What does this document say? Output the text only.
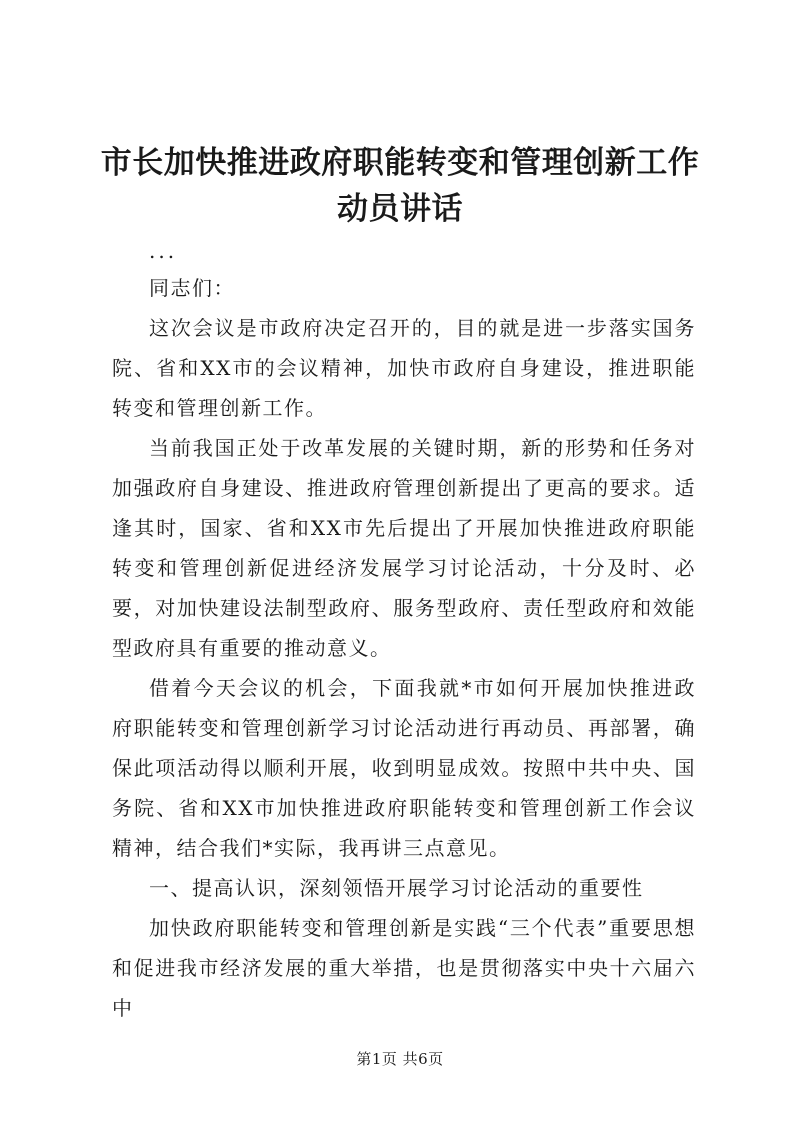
市长加快推进政府职能转变和管理创新工作动员讲话

...

同志们：

这次会议是市政府决定召开的，目的就是进一步落实国务院、省和XX市的会议精神，加快市政府自身建设，推进职能转变和管理创新工作。

当前我国正处于改革发展的关键时期，新的形势和任务对加强政府自身建设、推进政府管理创新提出了更高的要求。适逢其时，国家、省和XX市先后提出了开展加快推进政府职能转变和管理创新促进经济发展学习讨论活动，十分及时、必要，对加快建设法制型政府、服务型政府、责任型政府和效能型政府具有重要的推动意义。

借着今天会议的机会，下面我就*市如何开展加快推进政府职能转变和管理创新学习讨论活动进行再动员、再部署，确保此项活动得以顺利开展，收到明显成效。按照中共中央、国务院、省和XX市加快推进政府职能转变和管理创新工作会议精神，结合我们*实际，我再讲三点意见。

一、提高认识，深刻领悟开展学习讨论活动的重要性

加快政府职能转变和管理创新是实践“三个代表”重要思想和促进我市经济发展的重大举措，也是贯彻落实中央十六届六中

第1页 共6页
